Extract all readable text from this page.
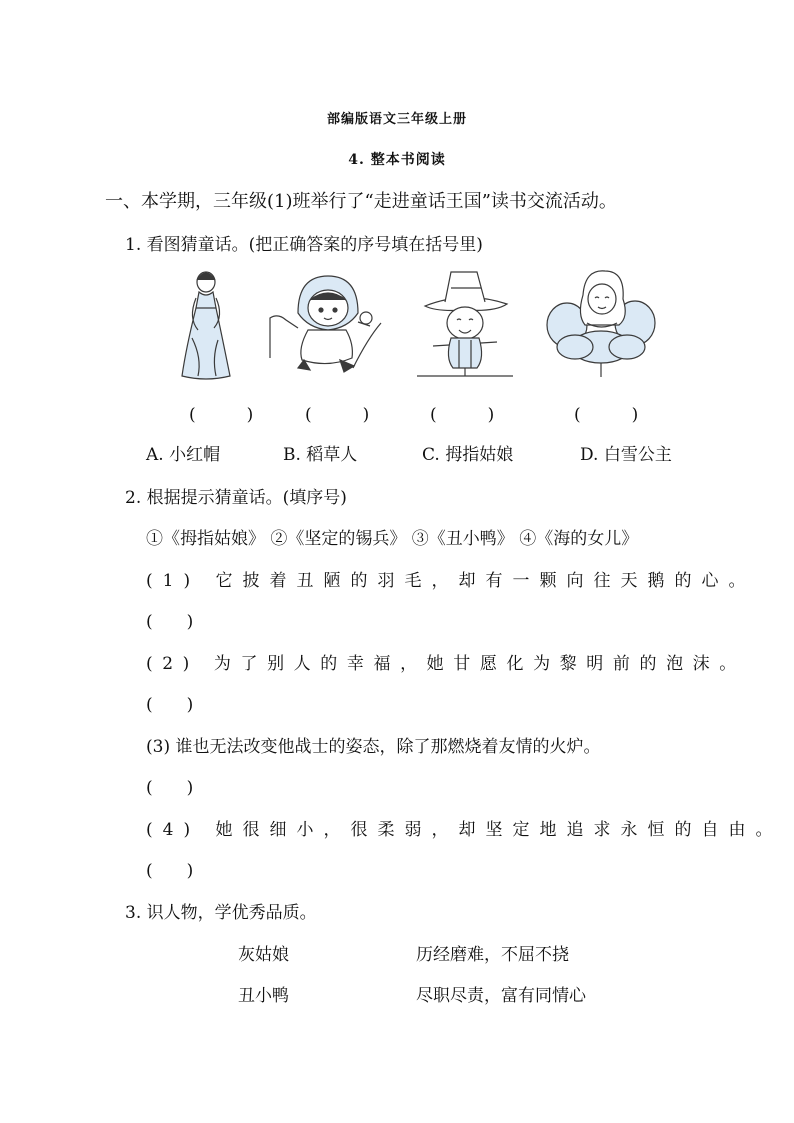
部编版语文三年级上册
4. 整本书阅读
一、本学期，三年级(1)班举行了“走进童话王国”读书交流活动。
1. 看图猜童话。(把正确答案的序号填在括号里)
(　　　)	(　　　)	(　　　)	(　　　)
A. 小红帽	B. 稻草人	C. 拇指姑娘	D. 白雪公主
2. 根据提示猜童话。(填序号)
①《拇指姑娘》 ②《坚定的锡兵》 ③《丑小鸭》 ④《海的女儿》
(1) 它披着丑陋的羽毛，却有一颗向往天鹅的心。
(　　)
(2) 为了别人的幸福，她甘愿化为黎明前的泡沫。
(　　)
(3) 谁也无法改变他战士的姿态，除了那燃烧着友情的火炉。
(　　)
(4) 她很细小，很柔弱，却坚定地追求永恒的自由。
(　　)
3. 识人物，学优秀品质。
灰姑娘	历经磨难，不屈不挠
丑小鸭	尽职尽责，富有同情心
